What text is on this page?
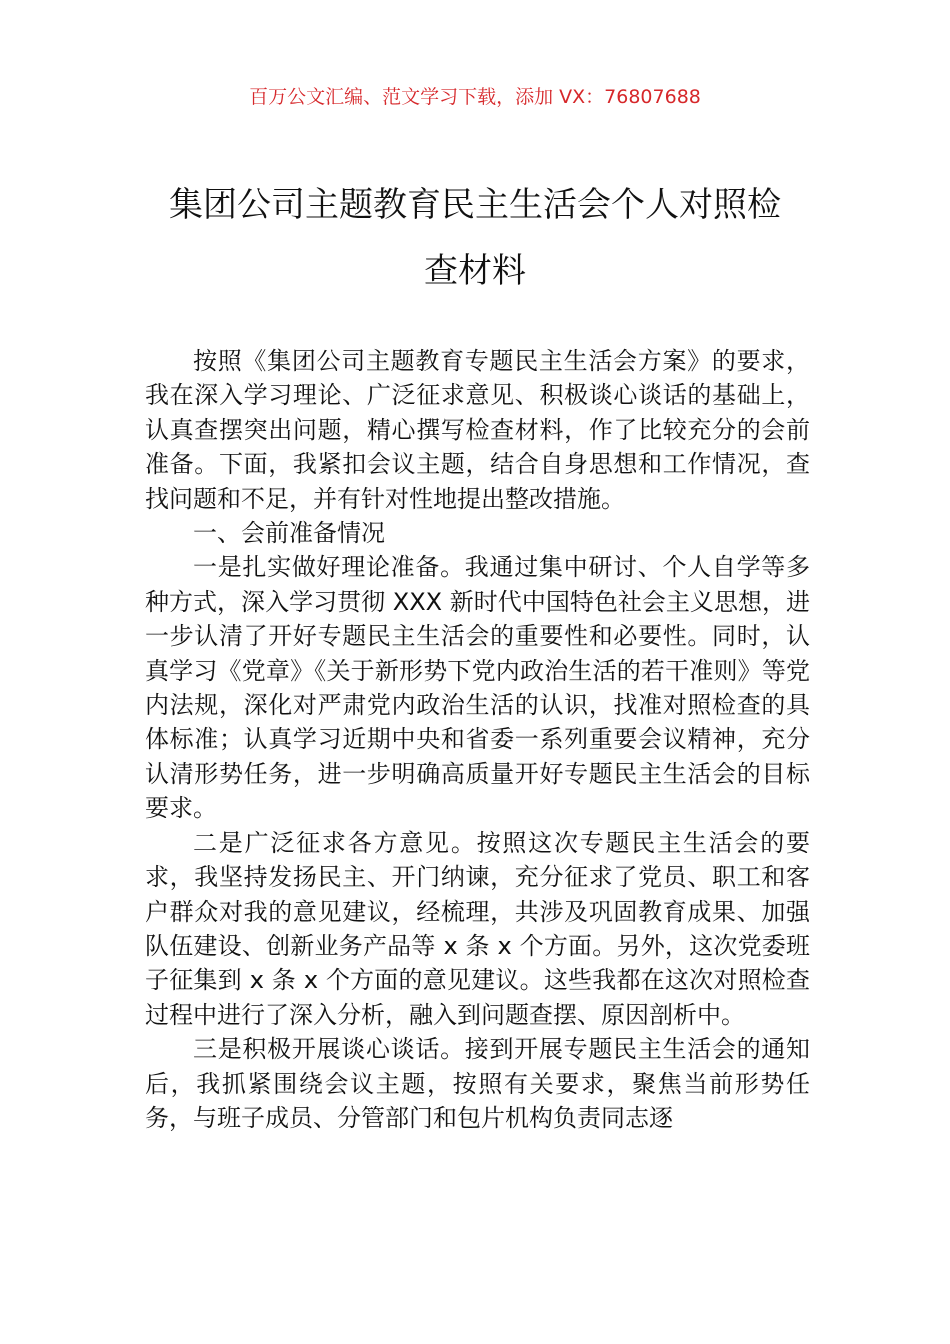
百万公文汇编、范文学习下载，添加 VX：76807688
集团公司主题教育民主生活会个人对照检
查材料

按照《集团公司主题教育专题民主生活会方案》的要求，我在深入学习理论、广泛征求意见、积极谈心谈话的基础上，认真查摆突出问题，精心撰写检查材料，作了比较充分的会前准备。下面，我紧扣会议主题，结合自身思想和工作情况，查找问题和不足，并有针对性地提出整改措施。

一、会前准备情况

一是扎实做好理论准备。我通过集中研讨、个人自学等多种方式，深入学习贯彻 XXX 新时代中国特色社会主义思想，进一步认清了开好专题民主生活会的重要性和必要性。同时，认真学习《党章》《关于新形势下党内政治生活的若干准则》等党内法规，深化对严肃党内政治生活的认识，找准对照检查的具体标准；认真学习近期中央和省委一系列重要会议精神，充分认清形势任务，进一步明确高质量开好专题民主生活会的目标要求。

二是广泛征求各方意见。按照这次专题民主生活会的要求，我坚持发扬民主、开门纳谏，充分征求了党员、职工和客户群众对我的意见建议，经梳理，共涉及巩固教育成果、加强队伍建设、创新业务产品等 x 条 x 个方面。另外，这次党委班子征集到 x 条 x 个方面的意见建议。这些我都在这次对照检查过程中进行了深入分析，融入到问题查摆、原因剖析中。

三是积极开展谈心谈话。接到开展专题民主生活会的通知后，我抓紧围绕会议主题，按照有关要求，聚焦当前形势任务，与班子成员、分管部门和包片机构负责同志逐
